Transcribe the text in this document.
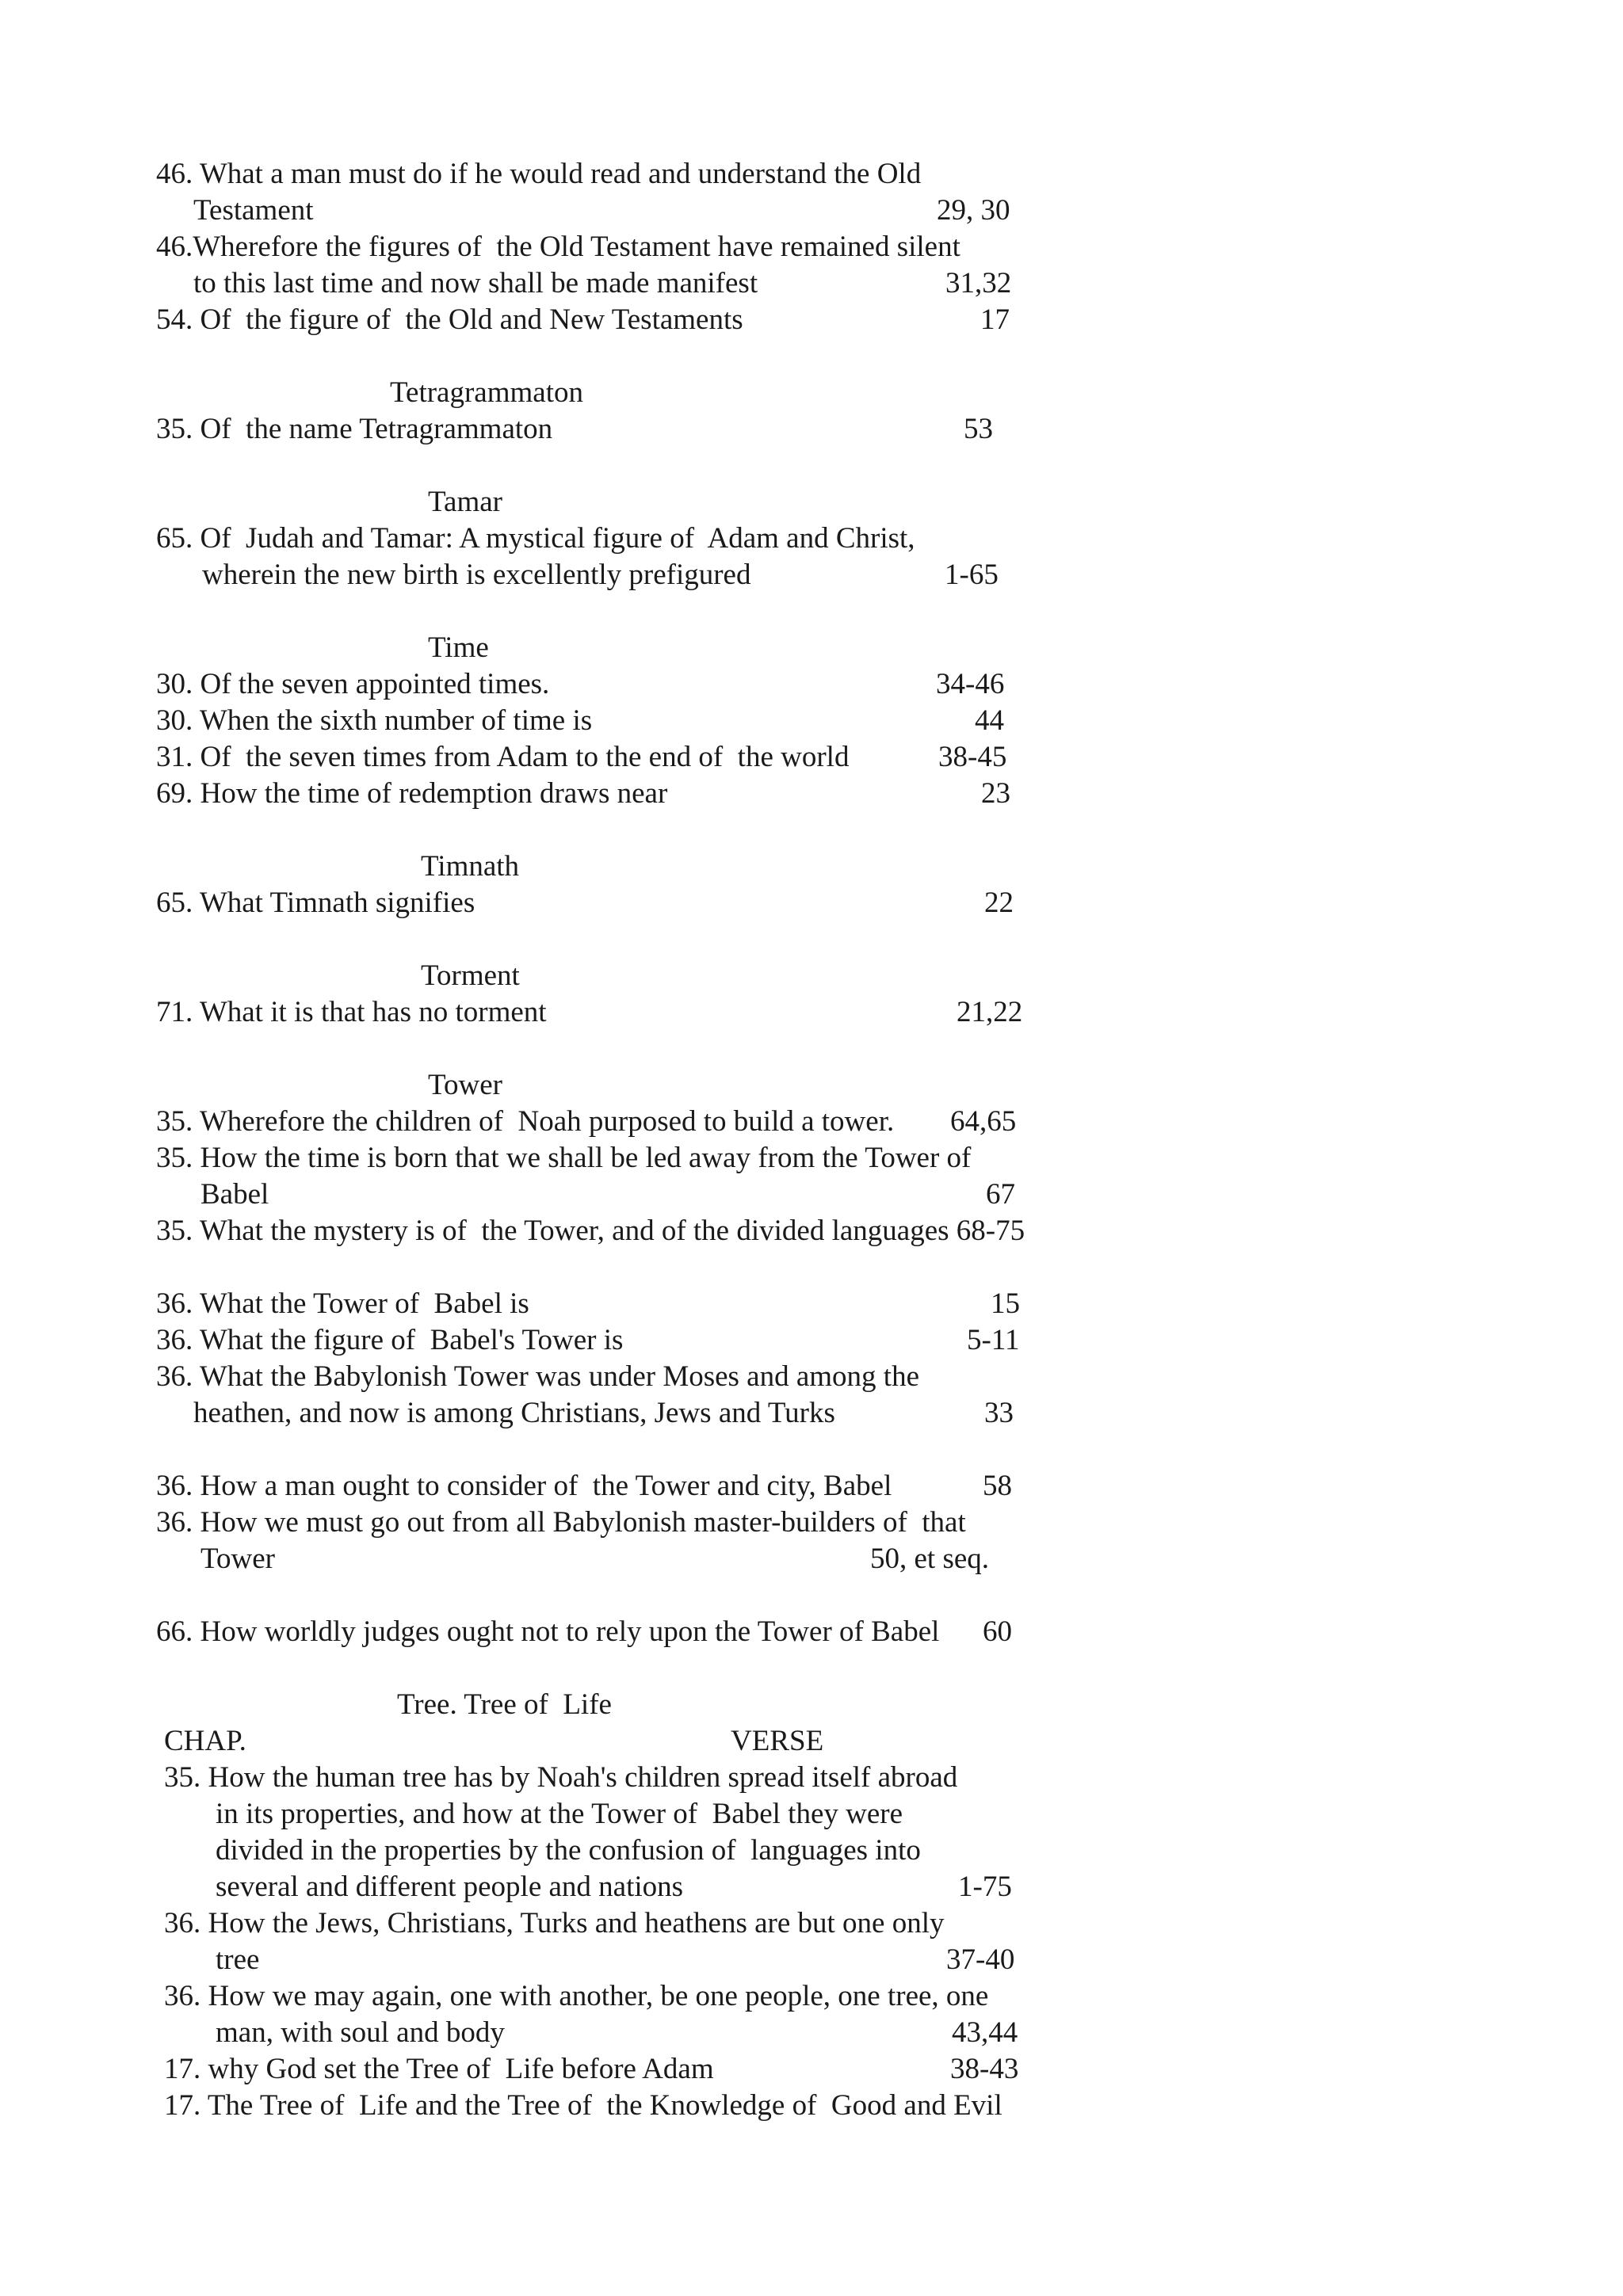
46. What a man must do if he would read and understand the Old
Testament	29, 30
46.Wherefore the figures of  the Old Testament have remained silent
to this last time and now shall be made manifest	31,32
54. Of  the figure of  the Old and New Testaments	17
Tetragrammaton
35. Of  the name Tetragrammaton	53
Tamar
65. Of  Judah and Tamar: A mystical figure of  Adam and Christ,
wherein the new birth is excellently prefigured	1-65
Time
30. Of the seven appointed times.	34-46
30. When the sixth number of time is	44
31. Of  the seven times from Adam to the end of  the world	38-45
69. How the time of redemption draws near	23
Timnath
65. What Timnath signifies	22
Torment
71. What it is that has no torment	21,22
Tower
35. Wherefore the children of  Noah purposed to build a tower. 64,65
35. How the time is born that we shall be led away from the Tower of
Babel	67
35. What the mystery is of  the Tower, and of the divided languages 68-75
36. What the Tower of  Babel is	15
36. What the figure of  Babel's Tower is	5-11
36. What the Babylonish Tower was under Moses and among the
heathen, and now is among Christians, Jews and Turks	33
36. How a man ought to consider of  the Tower and city, Babel	58
36. How we must go out from all Babylonish master-builders of  that
Tower	50, et seq.
66. How worldly judges ought not to rely upon the Tower of Babel 60
Tree. Tree of  Life
CHAP.	VERSE
35. How the human tree has by Noah's children spread itself abroad
in its properties, and how at the Tower of  Babel they were
divided in the properties by the confusion of  languages into
several and different people and nations	1-75
36. How the Jews, Christians, Turks and heathens are but one only
tree	37-40
36. How we may again, one with another, be one people, one tree, one
man, with soul and body	43,44
17. why God set the Tree of  Life before Adam	38-43
17. The Tree of  Life and the Tree of  the Knowledge of  Good and Evil
